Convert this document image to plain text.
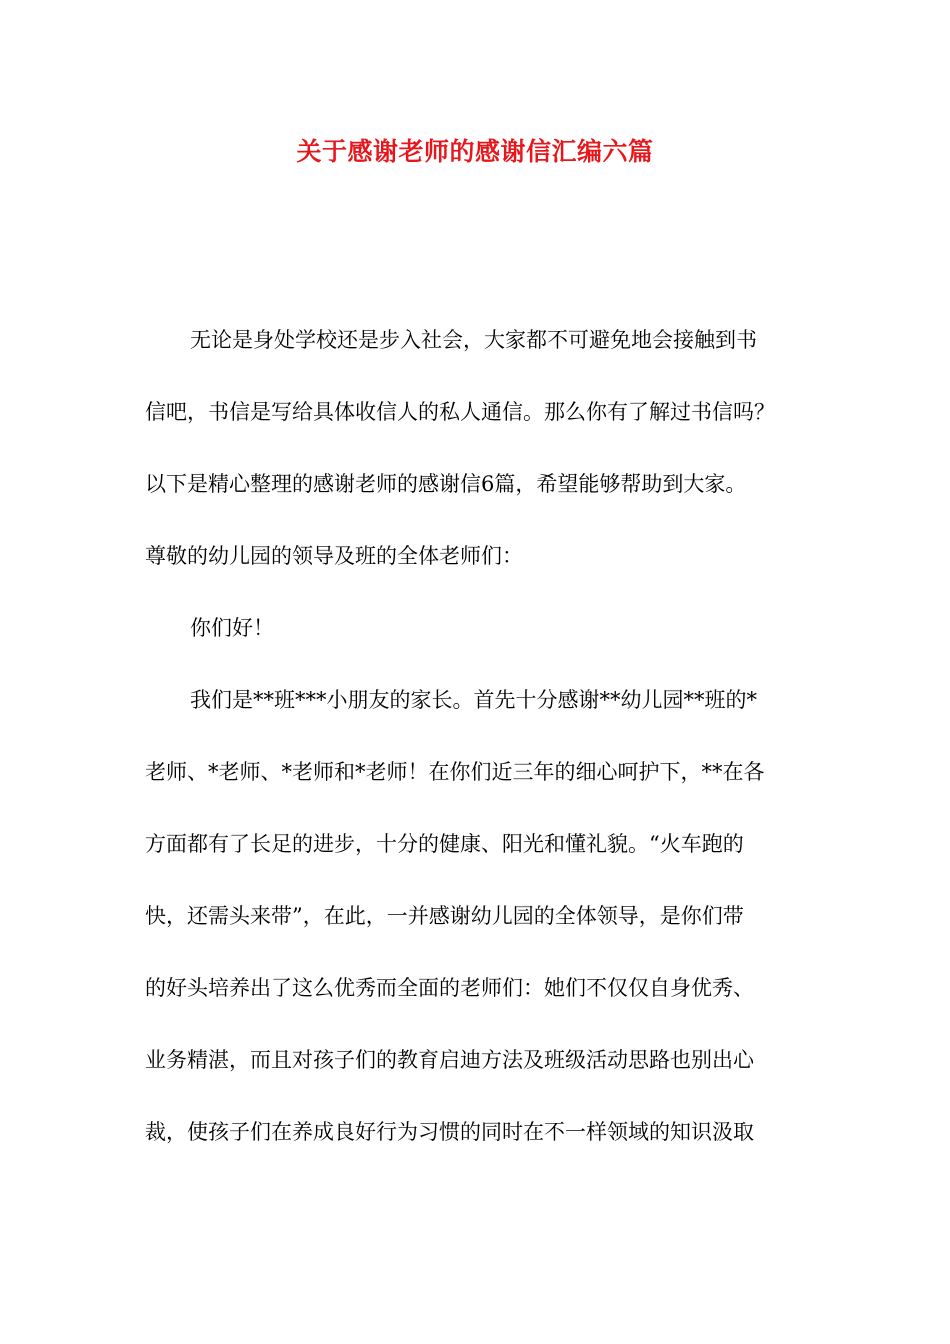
关于感谢老师的感谢信汇编六篇
无论是身处学校还是步入社会，大家都不可避免地会接触到书
信吧，书信是写给具体收信人的私人通信。那么你有了解过书信吗？
以下是精心整理的感谢老师的感谢信6篇，希望能够帮助到大家。
尊敬的幼儿园的领导及班的全体老师们：
你们好！
我们是**班***小朋友的家长。首先十分感谢**幼儿园**班的*
老师、*老师、*老师和*老师！在你们近三年的细心呵护下，**在各
方面都有了长足的进步，十分的健康、阳光和懂礼貌。“火车跑的
快，还需头来带”，在此，一并感谢幼儿园的全体领导，是你们带
的好头培养出了这么优秀而全面的老师们：她们不仅仅自身优秀、
业务精湛，而且对孩子们的教育启迪方法及班级活动思路也别出心
裁，使孩子们在养成良好行为习惯的同时在不一样领域的知识汲取
